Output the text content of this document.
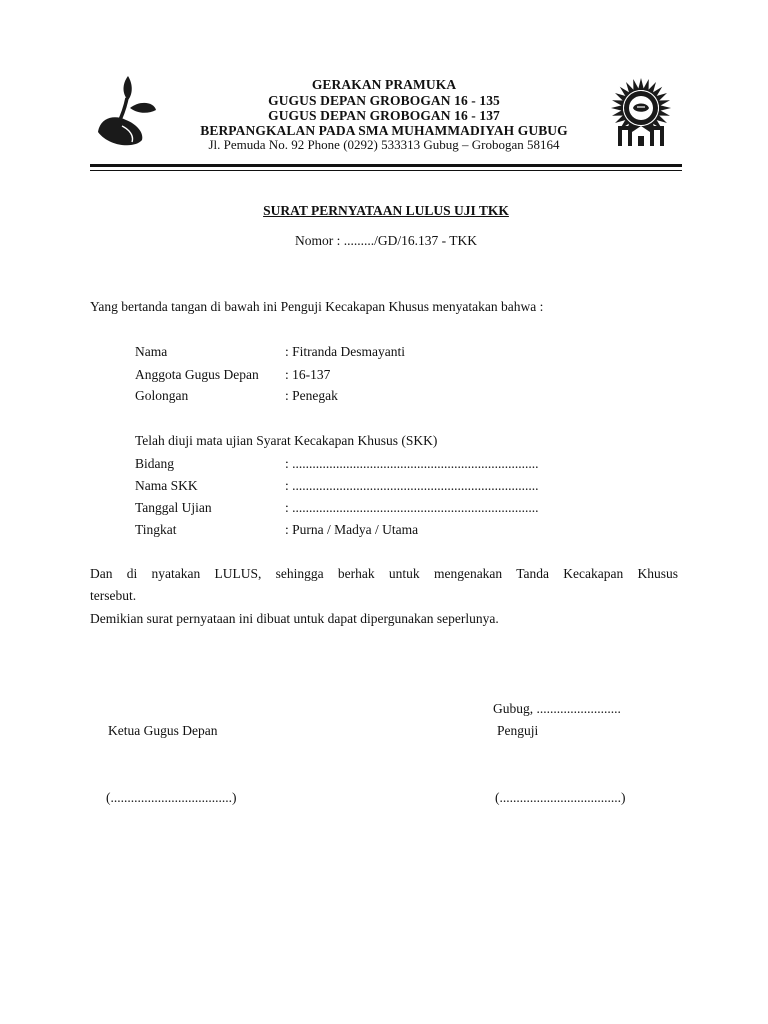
GERAKAN PRAMUKA
GUGUS DEPAN GROBOGAN 16 - 135
GUGUS DEPAN GROBOGAN 16 - 137
BERPANGKALAN PADA SMA MUHAMMADIYAH GUBUG
Jl. Pemuda No. 92 Phone (0292) 533313 Gubug – Grobogan 58164
SURAT PERNYATAAN LULUS UJI TKK
Nomor : ........./GD/16.137 - TKK
Yang bertanda tangan di bawah ini Penguji Kecakapan Khusus menyatakan bahwa :
Nama	: Fitranda Desmayanti
Anggota Gugus Depan : 16-137
Golongan	: Penegak
Telah diuji mata ujian Syarat Kecakapan Khusus (SKK)
Bidang	: .........................................................................
Nama SKK	: .........................................................................
Tanggal Ujian	: .........................................................................
Tingkat	: Purna / Madya / Utama
Dan di nyatakan LULUS, sehingga berhak untuk mengenakan Tanda Kecakapan Khusus
tersebut.
Demikian surat pernyataan ini dibuat untuk dapat dipergunakan seperlunya.
Gubug, .........................
Ketua Gugus Depan	Penguji
(....................................)	(....................................)
